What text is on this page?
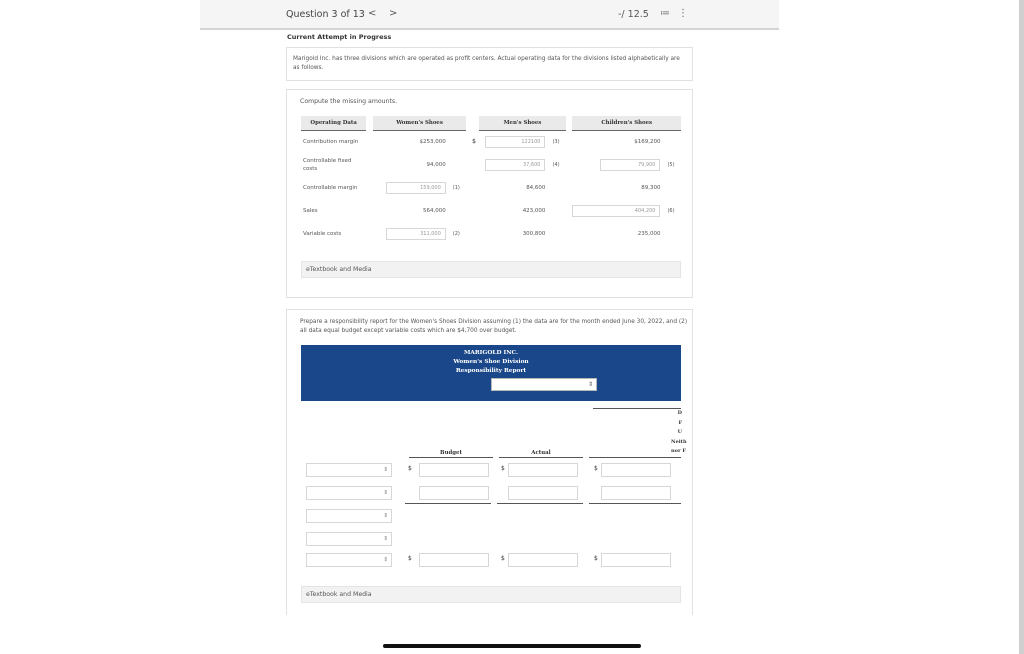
Question 3 of 13 < >	-/ 12.5 ≔ ⋮
Current Attempt in Progress
Marigold Inc. has three divisions which are operated as profit centers. Actual operating data for the divisions listed alphabetically are as follows.
Compute the missing amounts.
Operating Data		Women's Shoes			Men's Shoes			Children's Shoes	
Contribution margin		$253,000		$	122100	(3)		$169,200	
Controllable fixed costs		94,000			37,600	(4)		79,900	(5)
Controllable margin		159,000	(1)		84,600			89,300	
Sales		564,000			423,000			404,200	(6)
Variable costs		311,000	(2)		300,800			235,000	
eTextbook and Media
Prepare a responsibility report for the Women's Shoes Division assuming (1) the data are for the month ended June 30, 2022, and (2) all data equal budget except variable costs which are $4,700 over budget.
MARIGOLD INC.
Women's Shoe Division
Responsibility Report
⇕
D
F
U
Neith
nor F
Budget	Actual
⇕	$	$	$
⇕
⇕
⇕
⇕	$	$	$
eTextbook and Media
